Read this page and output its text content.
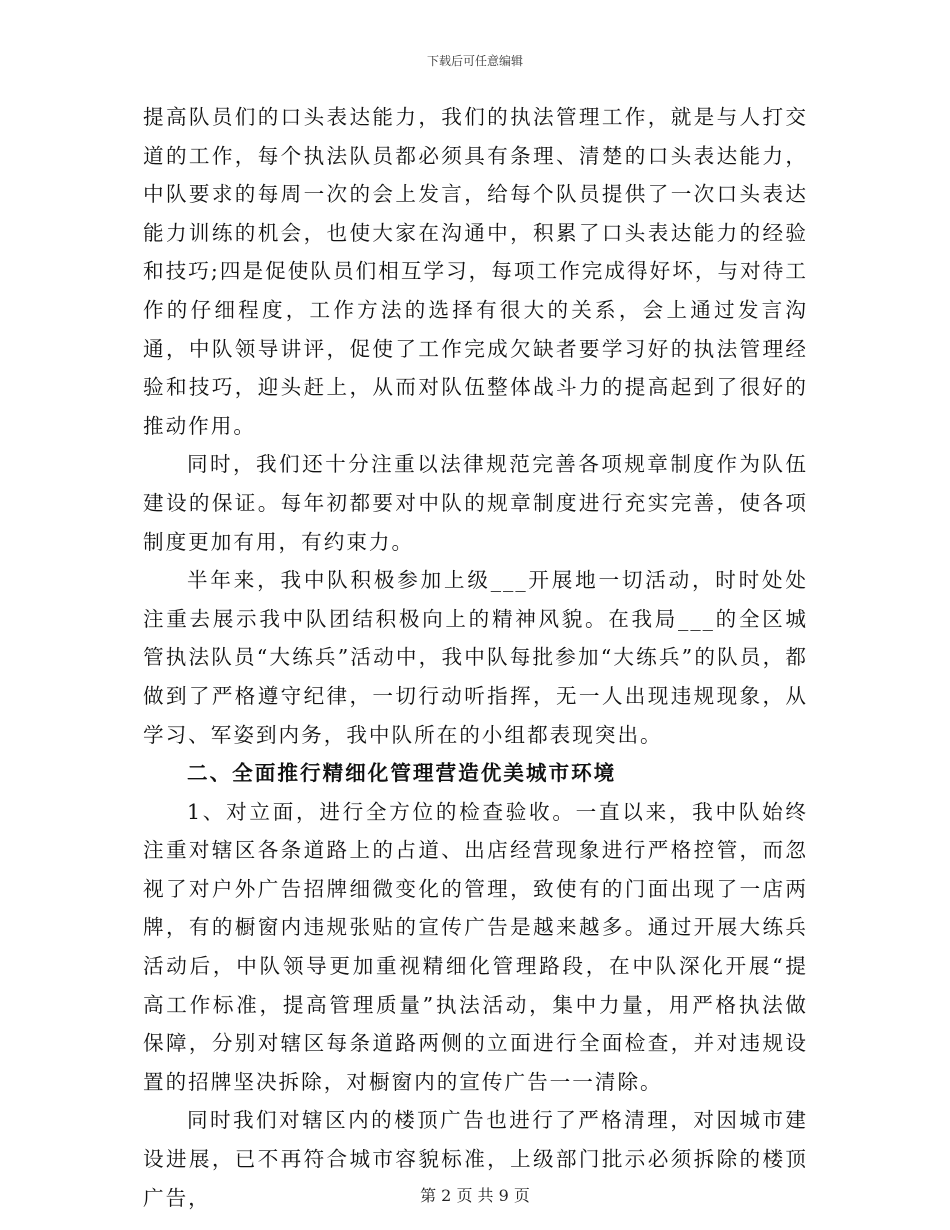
下载后可任意编辑

提高队员们的口头表达能力，我们的执法管理工作，就是与人打交道的工作，每个执法队员都必须具有条理、清楚的口头表达能力，中队要求的每周一次的会上发言，给每个队员提供了一次口头表达能力训练的机会，也使大家在沟通中，积累了口头表达能力的经验和技巧;四是促使队员们相互学习，每项工作完成得好坏，与对待工作的仔细程度，工作方法的选择有很大的关系，会上通过发言沟通，中队领导讲评，促使了工作完成欠缺者要学习好的执法管理经验和技巧，迎头赶上，从而对队伍整体战斗力的提高起到了很好的推动作用。

同时，我们还十分注重以法律规范完善各项规章制度作为队伍建设的保证。每年初都要对中队的规章制度进行充实完善，使各项制度更加有用，有约束力。

半年来，我中队积极参加上级___开展地一切活动，时时处处注重去展示我中队团结积极向上的精神风貌。在我局___的全区城管执法队员“大练兵”活动中，我中队每批参加“大练兵”的队员，都做到了严格遵守纪律，一切行动听指挥，无一人出现违规现象，从学习、军姿到内务，我中队所在的小组都表现突出。

二、全面推行精细化管理营造优美城市环境

1、对立面，进行全方位的检查验收。一直以来，我中队始终注重对辖区各条道路上的占道、出店经营现象进行严格控管，而忽视了对户外广告招牌细微变化的管理，致使有的门面出现了一店两牌，有的橱窗内违规张贴的宣传广告是越来越多。通过开展大练兵活动后，中队领导更加重视精细化管理路段，在中队深化开展“提高工作标准，提高管理质量”执法活动，集中力量，用严格执法做保障，分别对辖区每条道路两侧的立面进行全面检查，并对违规设置的招牌坚决拆除，对橱窗内的宣传广告一一清除。

同时我们对辖区内的楼顶广告也进行了严格清理，对因城市建设进展，已不再符合城市容貌标准，上级部门批示必须拆除的楼顶广告，	第 2 页 共 9 页
